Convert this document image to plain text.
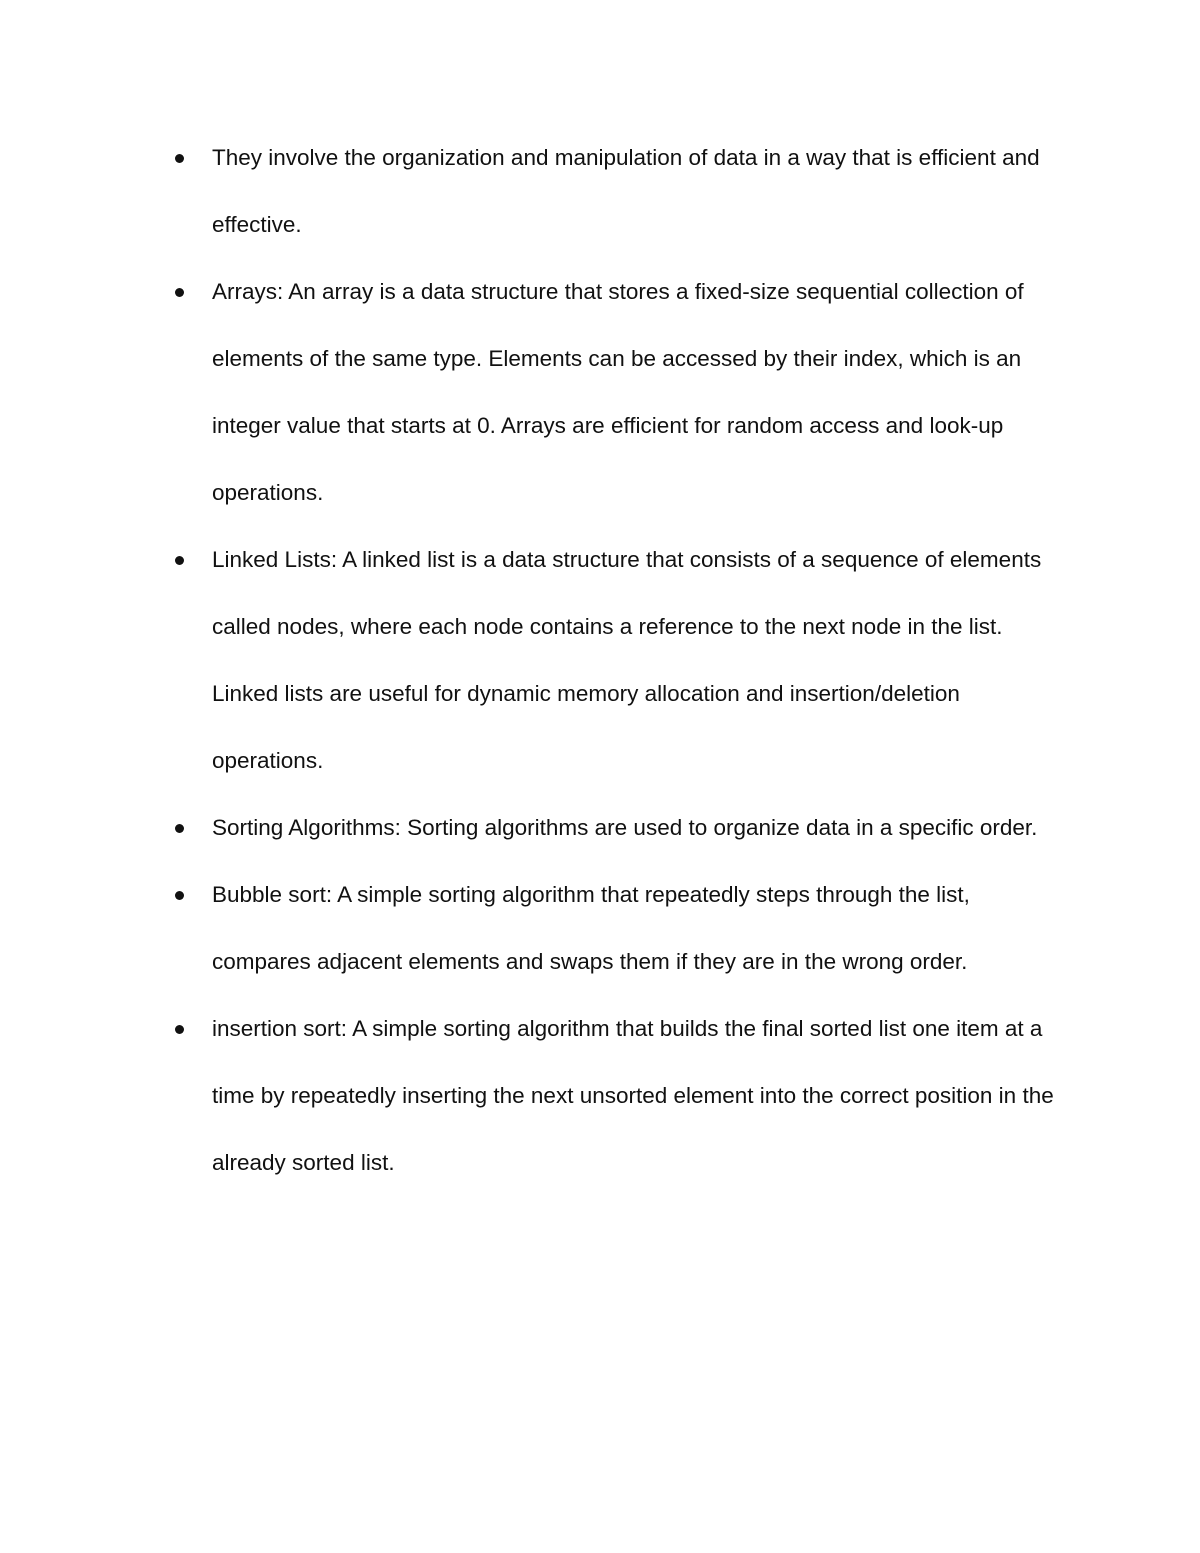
They involve the organization and manipulation of data in a way that is efficient and effective.
Arrays: An array is a data structure that stores a fixed-size sequential collection of elements of the same type. Elements can be accessed by their index, which is an integer value that starts at 0. Arrays are efficient for random access and look-up operations.
Linked Lists: A linked list is a data structure that consists of a sequence of elements called nodes, where each node contains a reference to the next node in the list. Linked lists are useful for dynamic memory allocation and insertion/deletion operations.
Sorting Algorithms: Sorting algorithms are used to organize data in a specific order.
Bubble sort: A simple sorting algorithm that repeatedly steps through the list, compares adjacent elements and swaps them if they are in the wrong order.
insertion sort: A simple sorting algorithm that builds the final sorted list one item at a time by repeatedly inserting the next unsorted element into the correct position in the already sorted list.
